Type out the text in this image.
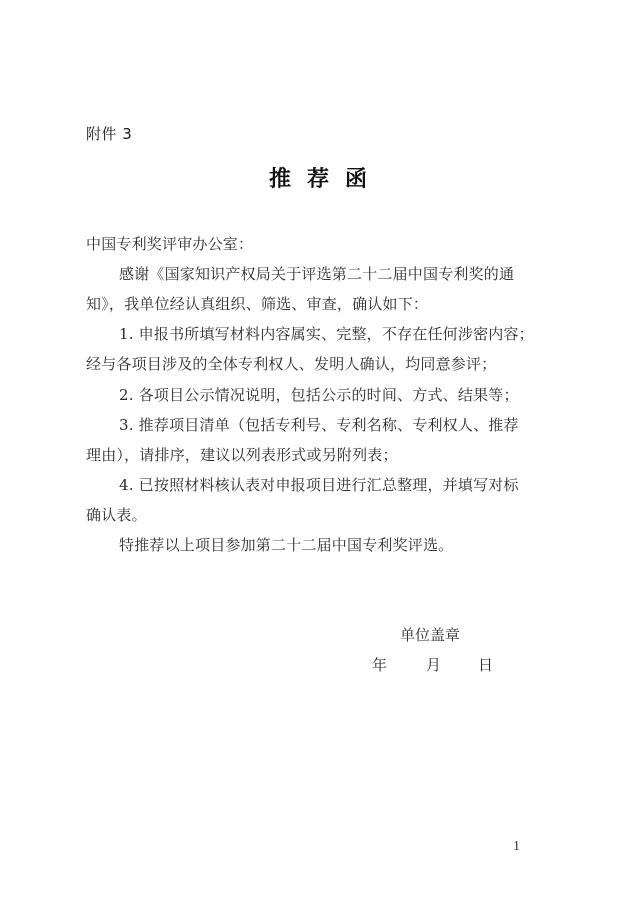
附件 3
推荐函
中国专利奖评审办公室：
感谢《国家知识产权局关于评选第二十二届中国专利奖的通
知》，我单位经认真组织、筛选、审查，确认如下：
1. 申报书所填写材料内容属实、完整，不存在任何涉密内容；
经与各项目涉及的全体专利权人、发明人确认，均同意参评；
2. 各项目公示情况说明，包括公示的时间、方式、结果等；
3. 推荐项目清单（包括专利号、专利名称、专利权人、推荐
理由），请排序，建议以列表形式或另附列表；
4. 已按照材料核认表对申报项目进行汇总整理，并填写对标
确认表。
特推荐以上项目参加第二十二届中国专利奖评选。
单位盖章
年	月 日
1
